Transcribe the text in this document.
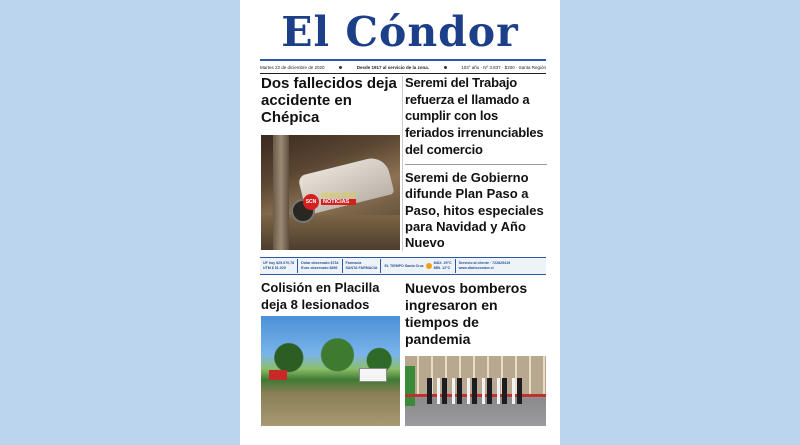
El Cóndor
Martes 22 de diciembre de 2020	Desde 1917 al servicio de la zona.	103° año · Nº 3.837 · $200 · Santa Región
Dos fallecidos deja accidente en Chépica
SCN
SANTA CRUZ
NOTICIAS
Seremi del Trabajo refuerza el llamado a cumplir con los feriados irrenunciables del comercio
Seremi de Gobierno difunde Plan Paso a Paso, hitos especiales para Navidad y Año Nuevo
UF hoy $29.070,78
UTM $ 51.029
Dólar observado $734
Euro observado $896
Farmacia
SANTA FARMACIA
EL TIEMPO Santa Cruz
MÁX. 29°C
MÍN. 12°C
Servicio al cliente · 722825419
www.diariocondor.cl
Colisión en Placilla deja 8 lesionados
Nuevos bomberos ingresaron en tiempos de pandemia
